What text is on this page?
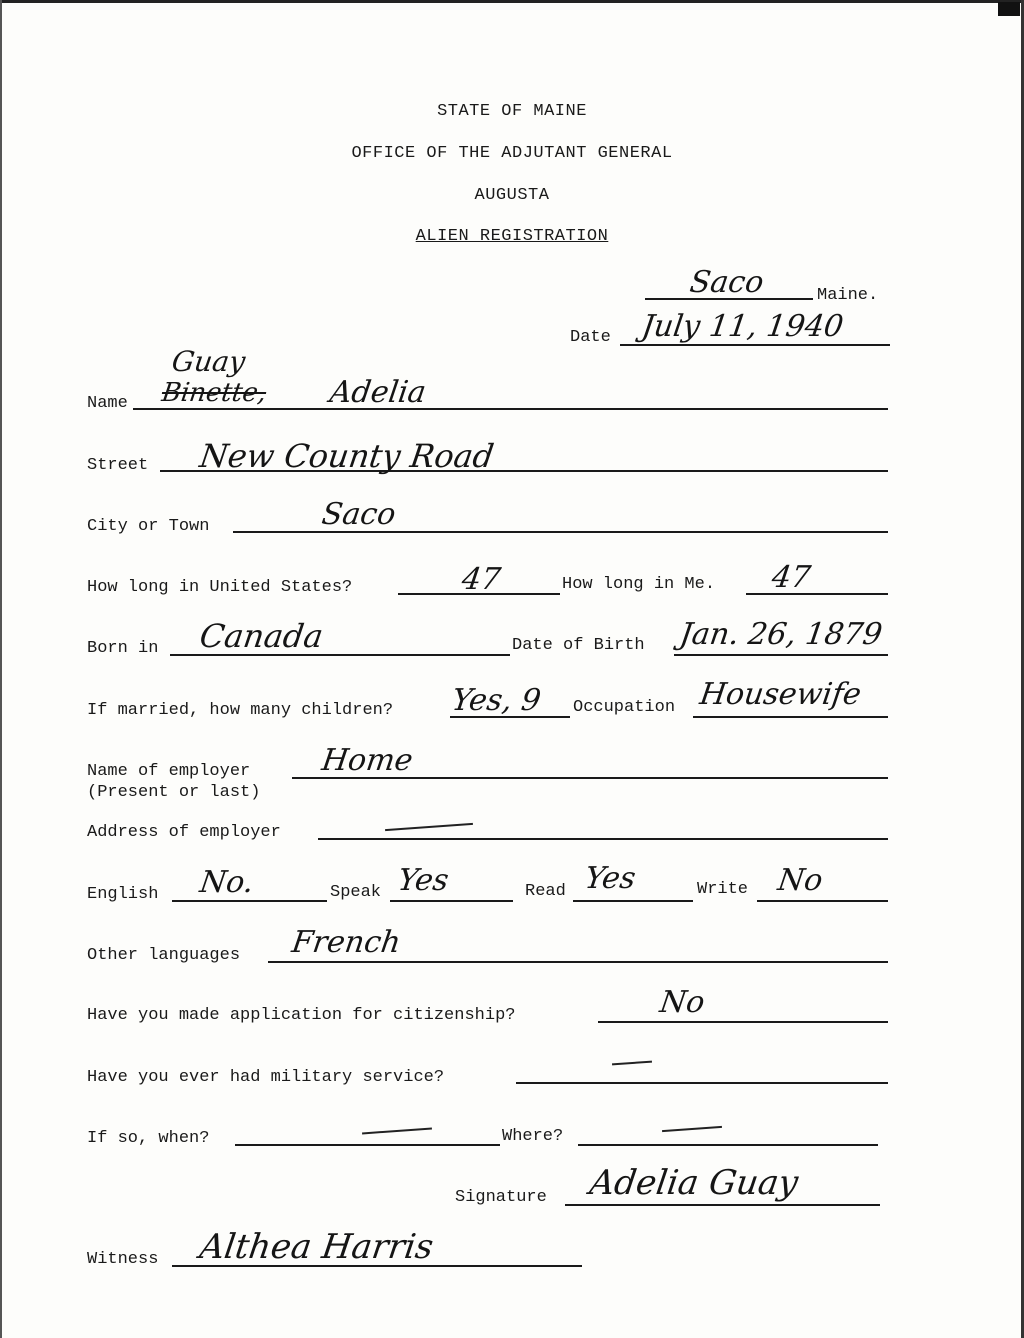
STATE OF MAINE
OFFICE OF THE ADJUTANT GENERAL
AUGUSTA
ALIEN REGISTRATION
Saco	Maine.
Date July 11, 1940
Guay
Name Binette, Adelia
Street New County Road
City or Town	Saco
How long in United States?	47	How long in Me. 47
Born in Canada	Date of Birth Jan. 26, 1879
If married, how many children? Yes, 9 Occupation Housewife
Name of employer
(Present or last)
Home
Address of employer
English No.	Speak Yes	Read Yes	Write No
Other languages French
Have you made application for citizenship?	No
Have you ever had military service?
If so, when?	Where?
Signature Adelia Guay
Witness Althea Harris
